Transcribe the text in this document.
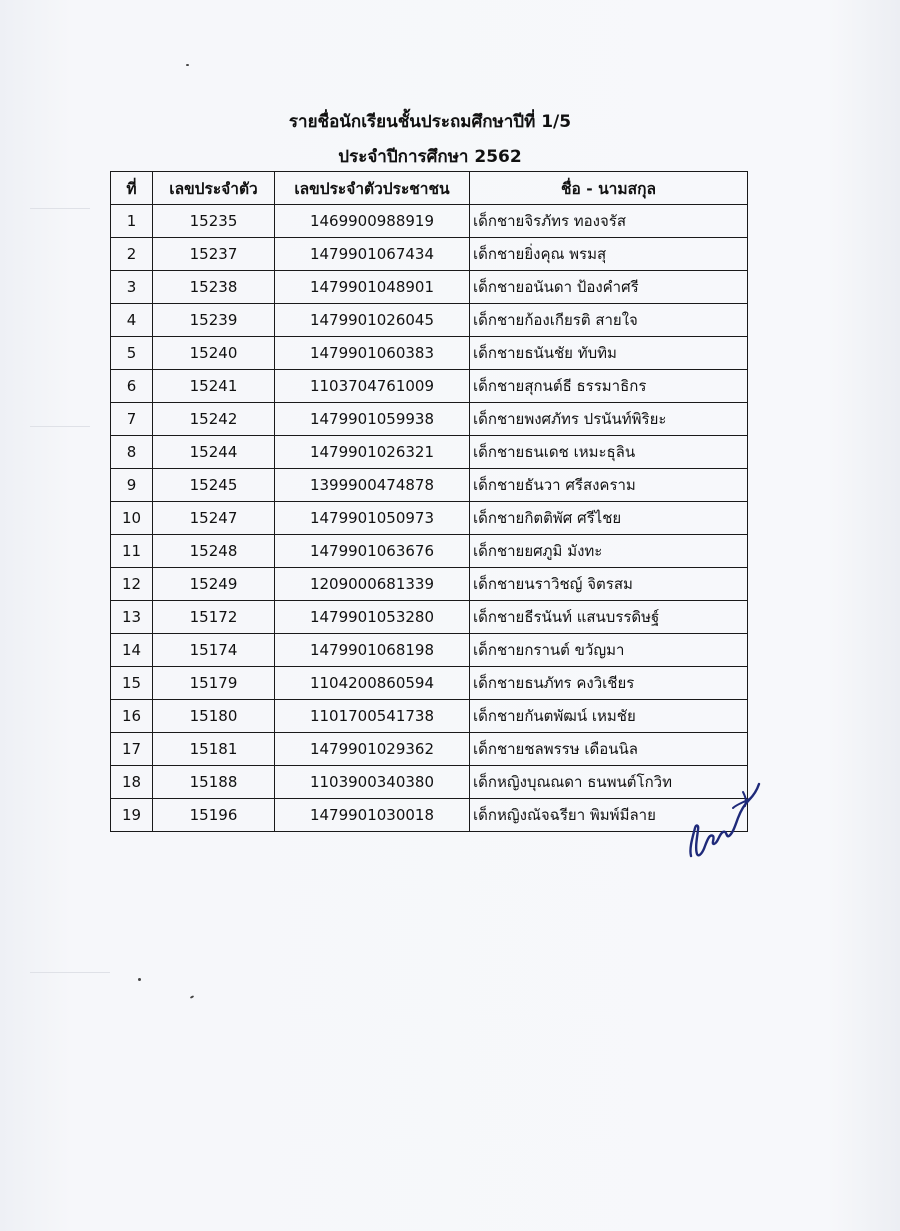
รายชื่อนักเรียนชั้นประถมศึกษาปีที่ 1/5
ประจำปีการศึกษา 2562
ที่	เลขประจำตัว	เลขประจำตัวประชาชน	ชื่อ - นามสกุล
1	15235	1469900988919	เด็กชายจิรภัทร ทองจรัส
2	15237	1479901067434	เด็กชายยิ่งคุณ พรมสุ
3	15238	1479901048901	เด็กชายอนันดา ป้องคำศรี
4	15239	1479901026045	เด็กชายก้องเกียรติ สายใจ
5	15240	1479901060383	เด็กชายธนันชัย ทับทิม
6	15241	1103704761009	เด็กชายสุกนต์ธี ธรรมาธิกร
7	15242	1479901059938	เด็กชายพงศภัทร ปรนันท์พิริยะ
8	15244	1479901026321	เด็กชายธนเดช เหมะธุลิน
9	15245	1399900474878	เด็กชายธันวา ศรีสงคราม
10	15247	1479901050973	เด็กชายกิตติพัศ ศรีไชย
11	15248	1479901063676	เด็กชายยศภูมิ มังทะ
12	15249	1209000681339	เด็กชายนราวิชญ์ จิตรสม
13	15172	1479901053280	เด็กชายธีรนันท์ แสนบรรดิษฐ์
14	15174	1479901068198	เด็กชายกรานต์ ขวัญมา
15	15179	1104200860594	เด็กชายธนภัทร คงวิเชียร
16	15180	1101700541738	เด็กชายกันตพัฒน์ เหมชัย
17	15181	1479901029362	เด็กชายชลพรรษ เดือนนิล
18	15188	1103900340380	เด็กหญิงบุณณดา ธนพนต์โกวิท
19	15196	1479901030018	เด็กหญิงณัจฉรียา พิมพ์มีลาย
